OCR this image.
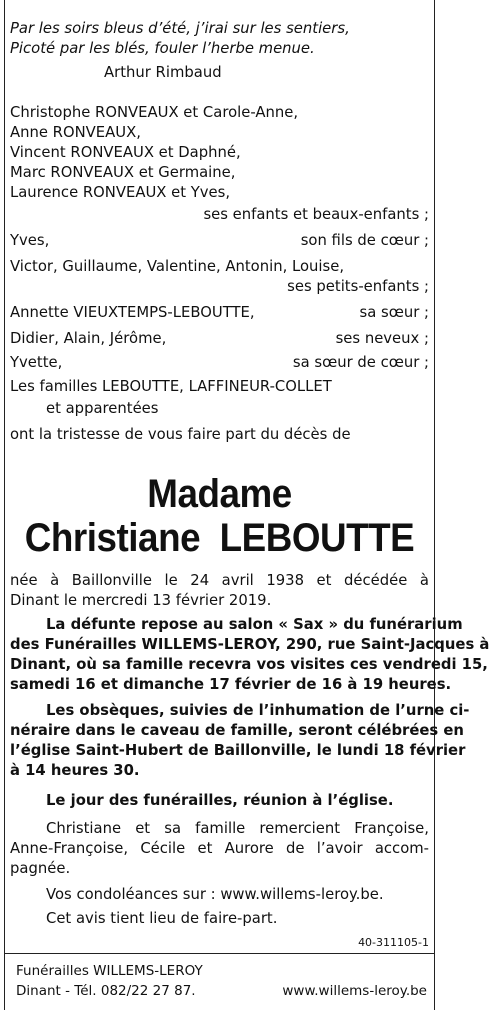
Par les soirs bleus d’été, j’irai sur les sentiers,
Picoté par les blés, fouler l’herbe menue.
Arthur Rimbaud
Christophe RONVEAUX et Carole-Anne,
Anne RONVEAUX,
Vincent RONVEAUX et Daphné,
Marc RONVEAUX et Germaine,
Laurence RONVEAUX et Yves,
ses enfants et beaux-enfants ;
Yves,	son fils de cœur ;
Victor, Guillaume, Valentine, Antonin, Louise,
ses petits-enfants ;
Annette VIEUXTEMPS-LEBOUTTE,	sa sœur ;
Didier, Alain, Jérôme,	ses neveux ;
Yvette,	sa sœur de cœur ;
Les familles LEBOUTTE, LAFFINEUR-COLLET
et apparentées
ont la tristesse de vous faire part du décès de
Madame
Christiane  LEBOUTTE
née à Baillonville le 24 avril 1938 et décédée à
Dinant le mercredi 13 février 2019.
La défunte repose au salon « Sax » du funérarium
des Funérailles WILLEMS-LEROY, 290, rue Saint-Jacques à
Dinant, où sa famille recevra vos visites ces vendredi 15,
samedi 16 et dimanche 17 février de 16 à 19 heures.
Les obsèques, suivies de l’inhumation de l’urne ci-
néraire dans le caveau de famille, seront célébrées en
l’église Saint-Hubert de Baillonville, le lundi 18 février
à 14 heures 30.
Le jour des funérailles, réunion à l’église.
Christiane et sa famille remercient Françoise,
Anne-Françoise, Cécile et Aurore de l’avoir accom-
pagnée.
Vos condoléances sur : www.willems-leroy.be.
Cet avis tient lieu de faire-part.
40-311105-1
Funérailles WILLEMS-LEROY
Dinant - Tél. 082/22 27 87.	www.willems-leroy.be
